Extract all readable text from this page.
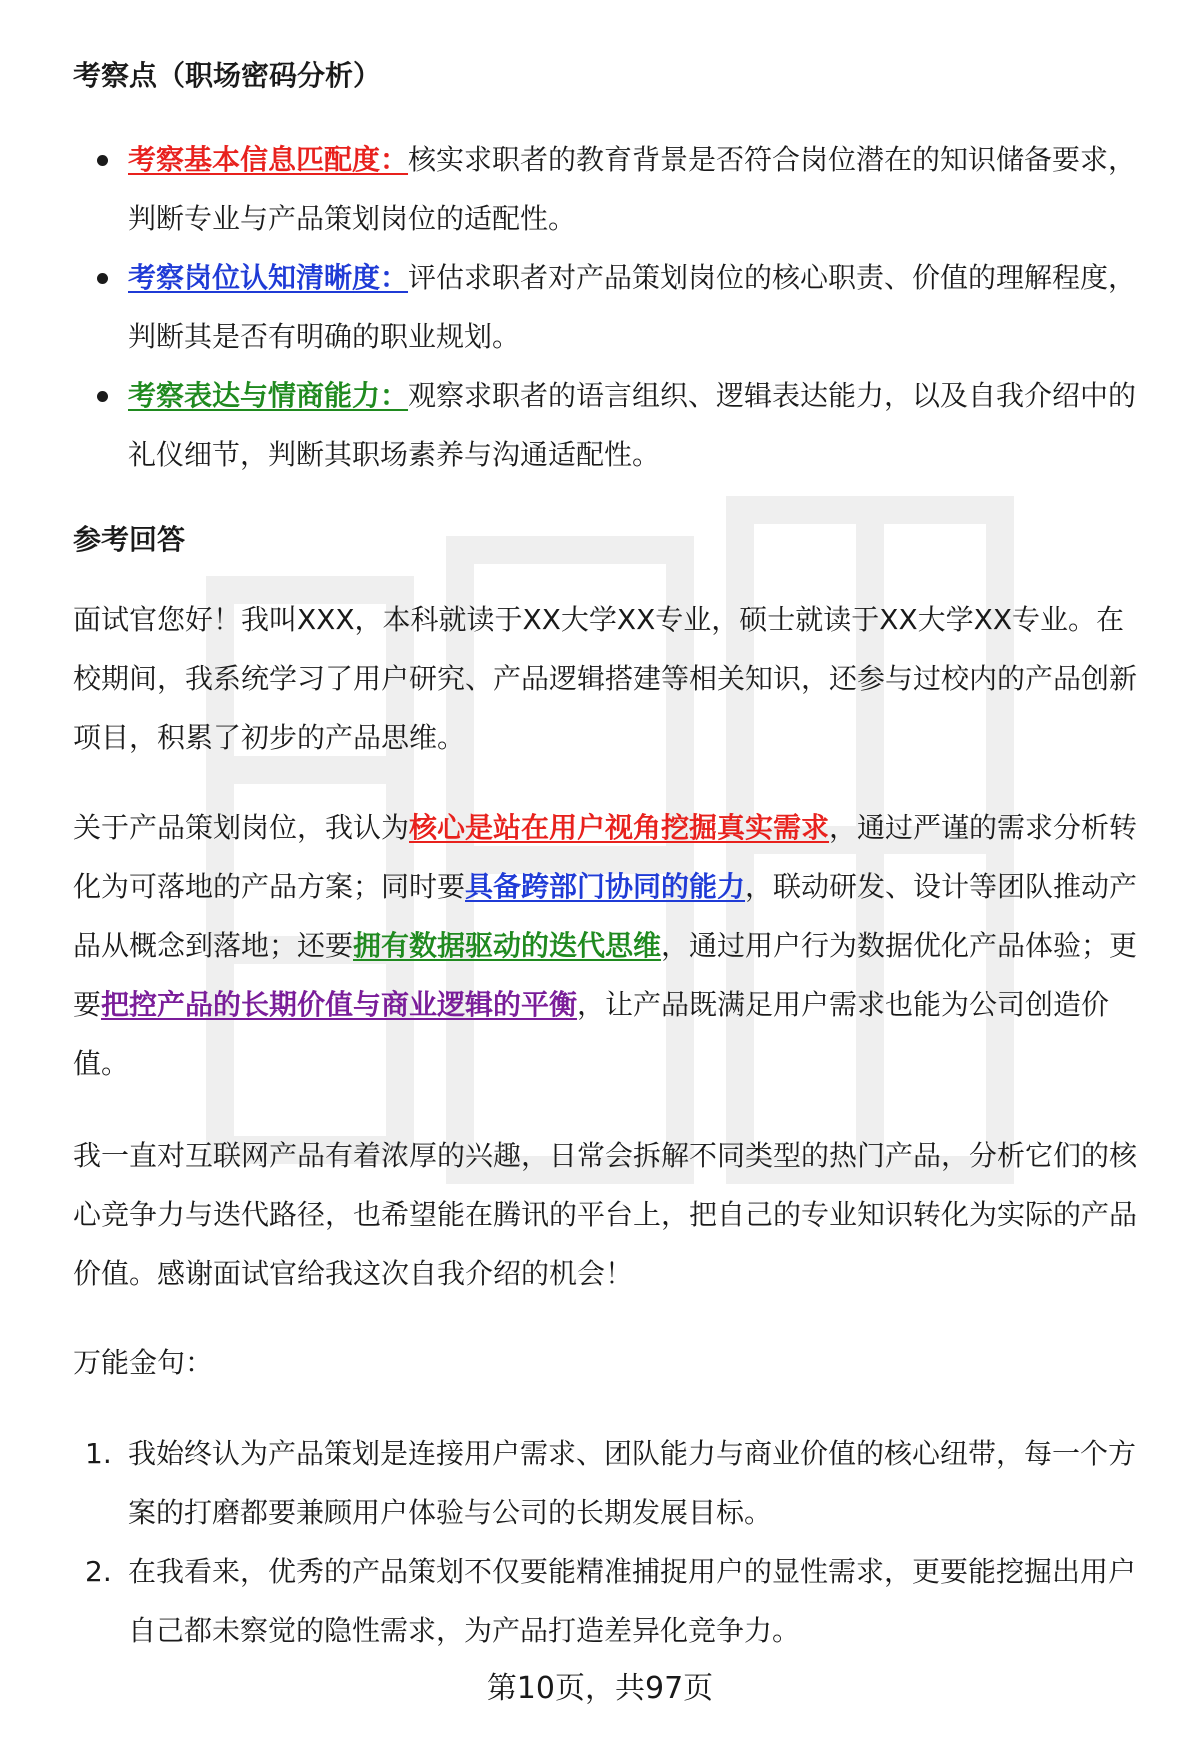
考察点（职场密码分析）
考察基本信息匹配度：核实求职者的教育背景是否符合岗位潜在的知识储备要求，判断专业与产品策划岗位的适配性。
考察岗位认知清晰度：评估求职者对产品策划岗位的核心职责、价值的理解程度，判断其是否有明确的职业规划。
考察表达与情商能力：观察求职者的语言组织、逻辑表达能力，以及自我介绍中的礼仪细节，判断其职场素养与沟通适配性。
参考回答
面试官您好！我叫XXX，本科就读于XX大学XX专业，硕士就读于XX大学XX专业。在校期间，我系统学习了用户研究、产品逻辑搭建等相关知识，还参与过校内的产品创新项目，积累了初步的产品思维。
关于产品策划岗位，我认为核心是站在用户视角挖掘真实需求，通过严谨的需求分析转化为可落地的产品方案；同时要具备跨部门协同的能力，联动研发、设计等团队推动产品从概念到落地；还要拥有数据驱动的迭代思维，通过用户行为数据优化产品体验；更要把控产品的长期价值与商业逻辑的平衡，让产品既满足用户需求也能为公司创造价值。
我一直对互联网产品有着浓厚的兴趣，日常会拆解不同类型的热门产品，分析它们的核心竞争力与迭代路径，也希望能在腾讯的平台上，把自己的专业知识转化为实际的产品价值。感谢面试官给我这次自我介绍的机会！
万能金句：
1. 我始终认为产品策划是连接用户需求、团队能力与商业价值的核心纽带，每一个方案的打磨都要兼顾用户体验与公司的长期发展目标。
2. 在我看来，优秀的产品策划不仅要能精准捕捉用户的显性需求，更要能挖掘出用户自己都未察觉的隐性需求，为产品打造差异化竞争力。
第10页，共97页
